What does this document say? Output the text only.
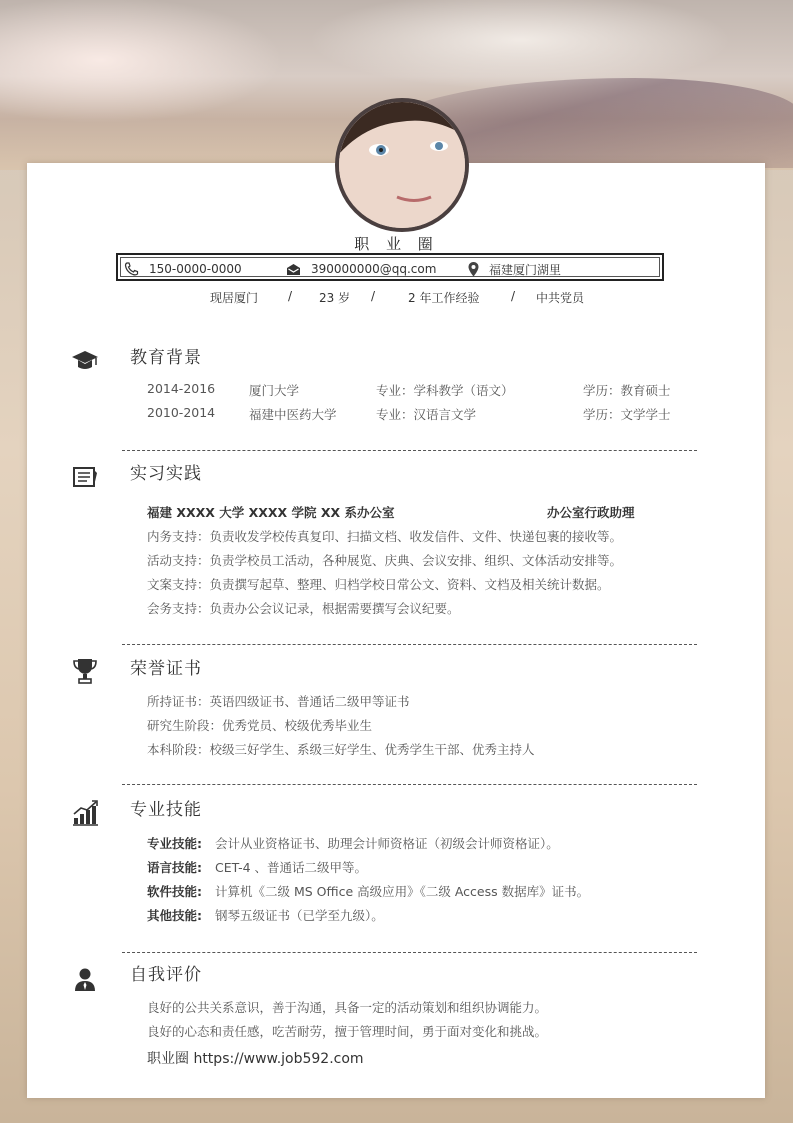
职 业 圈
150-0000-0000	390000000@qq.com	福建厦门湖里
现居厦门 / 23 岁 /	2 年工作经验	/ 中共党员
教育背景
2014-2016	厦门大学	专业：学科教学（语文）	学历：教育硕士
2010-2014	福建中医药大学	专业：汉语言文学	学历：文学学士
实习实践
福建 XXXX 大学 XXXX 学院 XX 系办公室	办公室行政助理
内务支持：负责收发学校传真复印、扫描文档、收发信件、文件、快递包裹的接收等。
活动支持：负责学校员工活动，各种展览、庆典、会议安排、组织、文体活动安排等。
文案支持：负责撰写起草、整理、归档学校日常公文、资料、文档及相关统计数据。
会务支持：负责办公会议记录，根据需要撰写会议纪要。
荣誉证书
所持证书：英语四级证书、普通话二级甲等证书
研究生阶段：优秀党员、校级优秀毕业生
本科阶段：校级三好学生、系级三好学生、优秀学生干部、优秀主持人
专业技能
专业技能: 会计从业资格证书、助理会计师资格证（初级会计师资格证）。
语言技能: CET-4 、普通话二级甲等。
软件技能: 计算机《二级 MS Office 高级应用》《二级 Access 数据库》证书。
其他技能: 钢琴五级证书（已学至九级）。
自我评价
良好的公共关系意识，善于沟通，具备一定的活动策划和组织协调能力。
良好的心态和责任感，吃苦耐劳，擅于管理时间，勇于面对变化和挑战。
职业圈 https://www.job592.com
